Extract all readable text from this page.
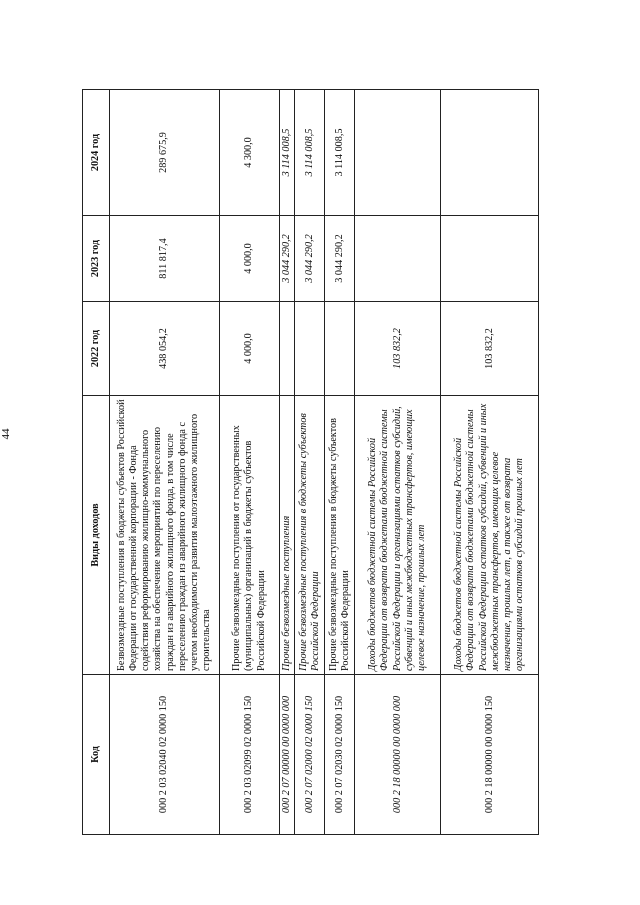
44
Код	Виды доходов	2022 год	2023 год	2024 год
000 2 03 02040 02 0000 150	Безвозмездные поступления в бюджеты субъектов Российской Федерации от государственной корпорации - Фонда содействия реформированию жилищно-коммунального хозяйства на обеспечение мероприятий по переселению граждан из аварийного жилищного фонда, в том числе переселению граждан из аварийного жилищного фонда с учетом необходимости развития малоэтажного жилищного строительства	438 054,2	811 817,4	289 675,9
000 2 03 02099 02 0000 150	Прочие безвозмездные поступления от государственных (муниципальных) организаций в бюджеты субъектов Российской Федерации	4 000,0	4 000,0	4 300,0
000 2 07 00000 00 0000 000	Прочие безвозмездные поступления		3 044 290,2	3 114 008,5
000 2 07 02000 02 0000 150	Прочие безвозмездные поступления в бюджеты субъектов Российской Федерации		3 044 290,2	3 114 008,5
000 2 07 02030 02 0000 150	Прочие безвозмездные поступления в бюджеты субъектов Российской Федерации		3 044 290,2	3 114 008,5
000 2 18 00000 00 0000 000	Доходы бюджетов бюджетной системы Российской Федерации от возврата бюджетами бюджетной системы Российской Федерации и организациями остатков субсидий, субвенций и иных межбюджетных трансфертов, имеющих целевое назначение, прошлых лет	103 832,2		
000 2 18 00000 00 0000 150	Доходы бюджетов бюджетной системы Российской Федерации от возврата бюджетами бюджетной системы Российской Федерации остатков субсидий, субвенций и иных межбюджетных трансфертов, имеющих целевое назначение, прошлых лет, а также от возврата организациями остатков субсидий прошлых лет	103 832,2		
